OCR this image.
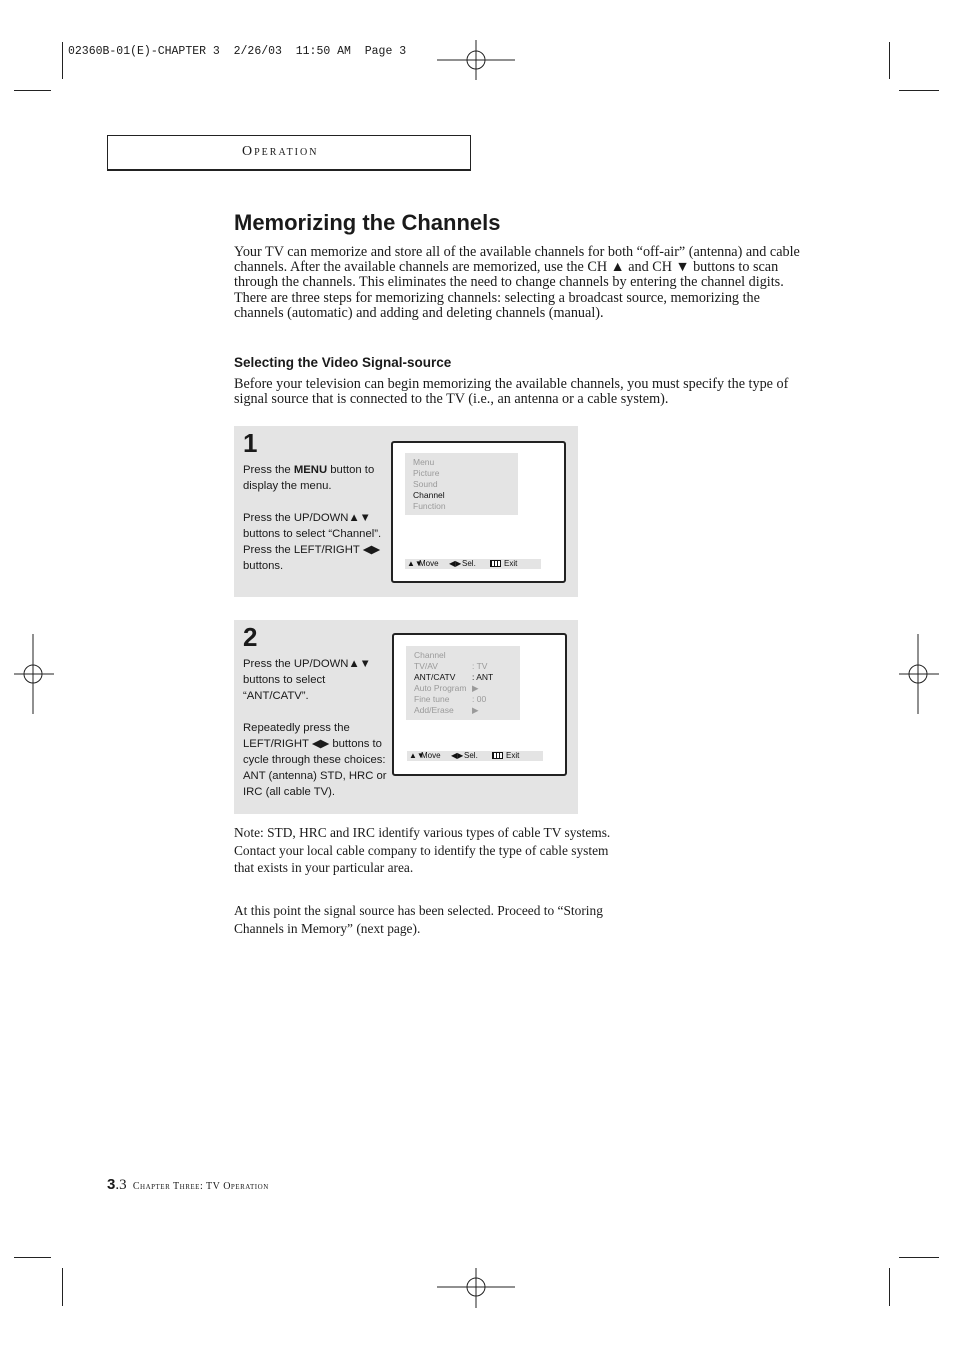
02360B-01(E)-CHAPTER 3  2/26/03  11:50 AM  Page 3
Operation
Memorizing the Channels

Your TV can memorize and store all of the available channels for both “off-air” (antenna) and cable channels. After the available channels are memorized, use the CH ▲ and CH ▼ buttons to scan through the channels. This eliminates the need to change channels by entering the channel digits. There are three steps for memorizing channels: selecting a broadcast source, memorizing the channels (automatic) and adding and deleting channels (manual).

Selecting the Video Signal-source

Before your television can begin memorizing the available channels, you must specify the type of signal source that is connected to the TV (i.e., an antenna or a cable system).

1

Press the MENU button to display the menu.

Press the UP/DOWN▲▼ buttons to select “Channel”.

Press the LEFT/RIGHT ◀▶ buttons.

Menu
Picture
Sound
Channel
Function
▲▼
Move ◀▶ Sel.	Exit
2

Press the UP/DOWN▲▼ buttons to select “ANT/CATV”.

Repeatedly press the LEFT/RIGHT ◀▶ buttons to cycle through these choices:

ANT (antenna) STD, HRC or IRC (all cable TV).

Channel
TV/AV	: TV
ANT/CATV : ANT
Auto Program ▶
Fine tune	: 00
Add/Erase ▶
▲▼
Move ◀▶ Sel.	Exit

Note: STD, HRC and IRC identify various types of cable TV systems. Contact your local cable company to identify the type of cable system that exists in your particular area.

At this point the signal source has been selected. Proceed to “Storing Channels in Memory” (next page).

3.3 Chapter Three: TV Operation
